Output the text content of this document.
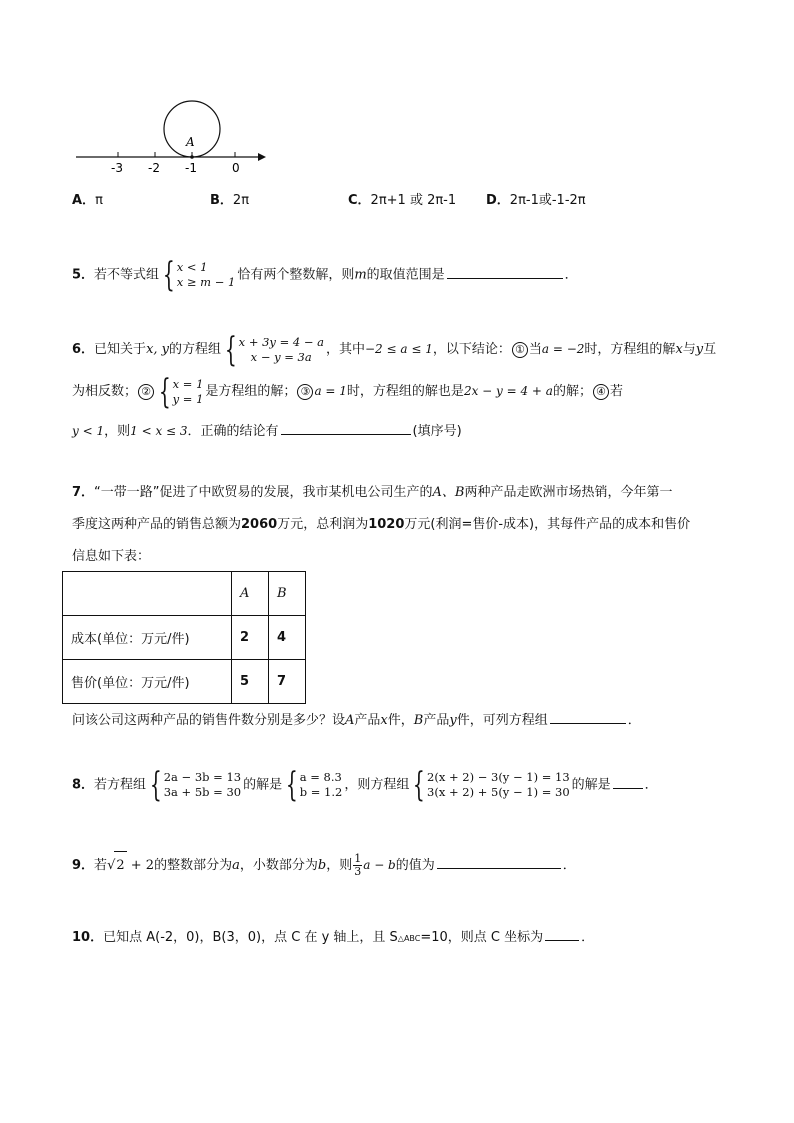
A
-3 -2 -1	0
A．π	B．2π	C．2π+1 或 2π-1 D．2π-1或-1-2π
5．若不等式组 { x < 1
x ≥ m − 1 恰有两个整数解，则m的取值范围是	．
6．已知关于x, y的方程组 { x + 3y = 4 − a
x − y = 3a	，其中−2 ≤ a ≤ 1，以下结论： ① 当a = −2时，方程组的解x与y互
为相反数； ② { x = 1
y = 1 是方程组的解； ③ a = 1时，方程组的解也是2x − y = 4 + a的解； ④ 若
y < 1，则1 < x ≤ 3．正确的结论有	(填序号)
7．“一带一路”促进了中欧贸易的发展，我市某机电公司生产的A、B两种产品走欧洲市场热销，今年第一
季度这两种产品的销售总额为2060万元，总利润为1020万元(利润=售价-成本)，其每件产品的成本和售价
信息如下表：
	A	B
成本(单位：万元/件)	2	4
售价(单位：万元/件)	5	7
问该公司这两种产品的销售件数分别是多少？设A产品x件，B产品y件，可列方程组	．
8．若方程组 { 2a − 3b = 13
3a + 5b = 30 的解是 { a = 8.3
b = 1.2 ，则方程组 { 2(x + 2) − 3(y − 1) = 13
3(x + 2) + 5(y − 1) = 30 的解是	．
9．若√2 + 2的整数部分为a，小数部分为b，则 $\frac{1}{3}$ a − b的值为	．
10．已知点 A(-2，0)，B(3，0)，点 C 在 y 轴上，且 S△ABC=10，则点 C 坐标为	．
